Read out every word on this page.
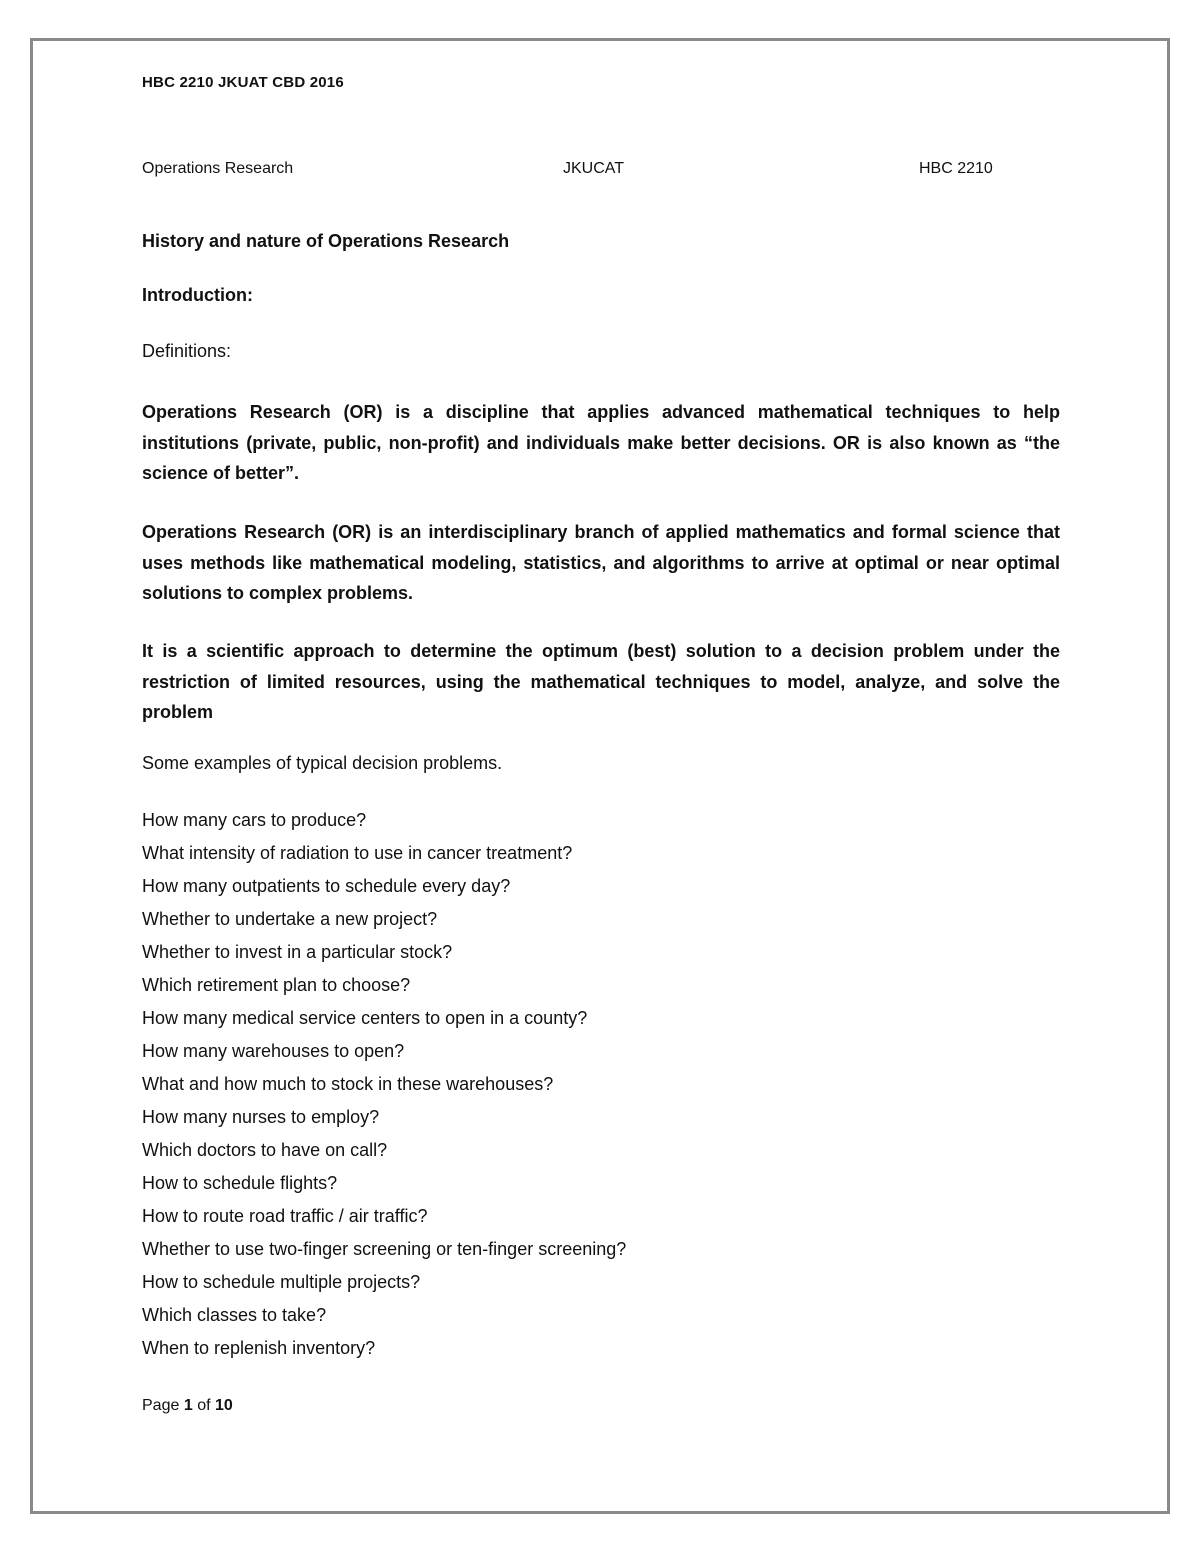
HBC 2210 JKUAT CBD 2016
Operations Research	JKUCAT	HBC 2210
History and nature of Operations Research
Introduction:
Definitions:

Operations Research (OR) is a discipline that applies advanced mathematical techniques to help institutions (private, public, non-profit) and individuals make better decisions. OR is also known as “the science of better”.

Operations Research (OR) is an interdisciplinary branch of applied mathematics and formal science that uses methods like mathematical modeling, statistics, and algorithms to arrive at optimal or near optimal solutions to complex problems.

It is a scientific approach to determine the optimum (best) solution to a decision problem under the restriction of limited resources, using the mathematical techniques to model, analyze, and solve the problem

Some examples of typical decision problems.
How many cars to produce?
What intensity of radiation to use in cancer treatment?
How many outpatients to schedule every day?
Whether to undertake a new project?
Whether to invest in a particular stock?
Which retirement plan to choose?
How many medical service centers to open in a county?
How many warehouses to open?
What and how much to stock in these warehouses?
How many nurses to employ?
Which doctors to have on call?
How to schedule flights?
How to route road traffic / air traffic?
Whether to use two-finger screening or ten-finger screening?
How to schedule multiple projects?
Which classes to take?
When to replenish inventory?
Page 1 of 10
